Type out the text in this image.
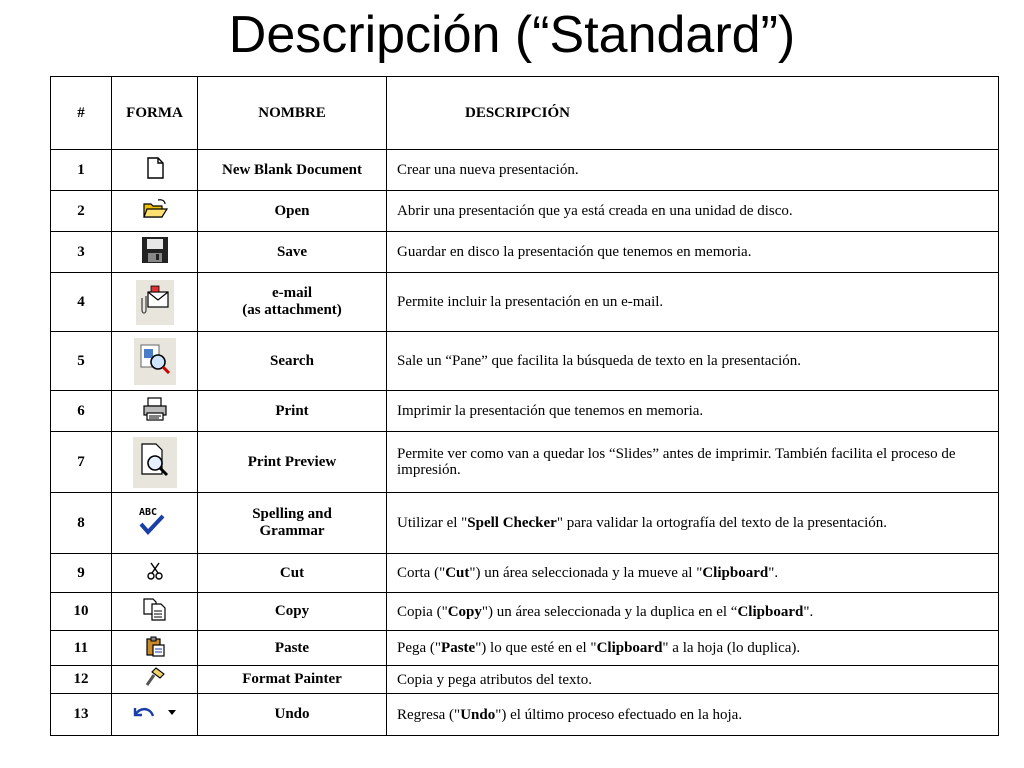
Descripción (“Standard”)
#	FORMA	NOMBRE	DESCRIPCIÓN
1		New Blank Document	Crear una nueva presentación.

2		Open	Abrir una presentación que ya está creada en una unidad de disco.

3		Save	Guardar en disco la presentación que tenemos en memoria.

4		e-mail
(as attachment)	Permite incluir la presentación en un e-mail.

5		Search	Sale un “Pane” que facilita la búsqueda de texto en la presentación.

6		Print	Imprimir la presentación que tenemos en memoria.

7		Print Preview	Permite ver como van a quedar los “Slides” antes de imprimir. También facilita el proceso de impresión.

8	ABC	Spelling and
Grammar	Utilizar el "Spell Checker" para validar la ortografía del texto de la presentación.

9		Cut	Corta ("Cut") un área seleccionada y la mueve al "Clipboard".

10		Copy	Copia ("Copy") un área seleccionada y la duplica en el “Clipboard".

11		Paste	Pega ("Paste") lo que esté en el "Clipboard" a la hoja (lo duplica).

12		Format Painter	Copia y pega atributos del texto.

13		Undo	Regresa ("Undo") el último proceso efectuado en la hoja.
